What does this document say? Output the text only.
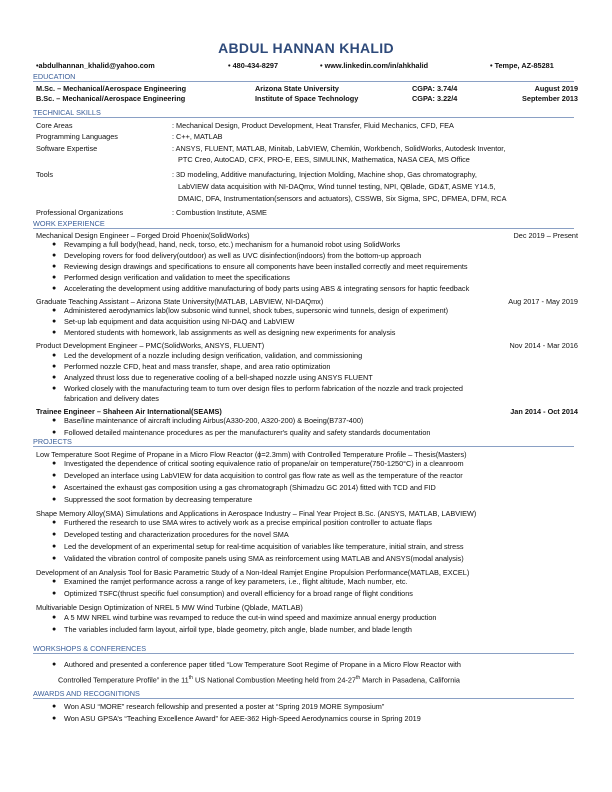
ABDUL HANNAN KHALID
•abdulhannan_khalid@yahoo.com	• 480-434-8297	• www.linkedin.com/in/ahkhalid	• Tempe, AZ-85281
EDUCATION
M.Sc. – Mechanical/Aerospace Engineering	Arizona State University	CGPA: 3.74/4	August 2019
B.Sc. – Mechanical/Aerospace Engineering	Institute of Space Technology	CGPA: 3.22/4	September 2013
TECHNICAL SKILLS
Core Areas	: Mechanical Design, Product Development, Heat Transfer, Fluid Mechanics, CFD, FEA
Programming Languages	: C++, MATLAB
Software Expertise	: ANSYS, FLUENT, MATLAB, Minitab, LabVIEW, Chemkin, Workbench, SolidWorks, Autodesk Inventor,
PTC Creo, AutoCAD, CFX, PRO-E, EES, SIMULINK, Mathematica, NASA CEA, MS Office
Tools	: 3D modeling, Additive manufacturing, Injection Molding, Machine shop, Gas chromatography,
LabVIEW data acquisition with NI-DAQmx, Wind tunnel testing, NPI, QBlade, GD&T, ASME Y14.5,
DMAIC, DFA, Instrumentation(sensors and actuators), CSSWB, Six Sigma, SPC, DFMEA, DFM, RCA
Professional Organizations	: Combustion Institute, ASME
WORK EXPERIENCE
Mechanical Design Engineer – Forged Droid Phoenix(SolidWorks)	Dec 2019 – Present
● Revamping a full body(head, hand, neck, torso, etc.) mechanism for a humanoid robot using SolidWorks
● Developing rovers for food delivery(outdoor) as well as UVC disinfection(indoors) from the bottom-up approach
● Reviewing design drawings and specifications to ensure all components have been installed correctly and meet requirements
● Performed design verification and validation to meet the specifications
● Accelerating the development using additive manufacturing of body parts using ABS & integrating sensors for haptic feedback
Graduate Teaching Assistant – Arizona State University(MATLAB, LABVIEW, NI-DAQmx)	Aug 2017 - May 2019
● Administered aerodynamics lab(low subsonic wind tunnel, shock tubes, supersonic wind tunnels, design of experiment)
● Set-up lab equipment and data acquisition using NI-DAQ and LabVIEW
● Mentored students with homework, lab assignments as well as designing new experiments for analysis
Product Development Engineer – PMC(SolidWorks, ANSYS, FLUENT)	Nov 2014 - Mar 2016
● Led the development of a nozzle including design verification, validation, and commissioning
● Performed nozzle CFD, heat and mass transfer, shape, and area ratio optimization
● Analyzed thrust loss due to regenerative cooling of a bell-shaped nozzle using ANSYS FLUENT
● Worked closely with the manufacturing team to turn over design files to perform fabrication of the nozzle and track projected
fabrication and delivery dates
Trainee Engineer – Shaheen Air International(SEAMS)	Jan 2014 - Oct 2014
● Base/line maintenance of aircraft including Airbus(A330-200, A320-200) & Boeing(B737-400)
● Followed detailed maintenance procedures as per the manufacturer's quality and safety standards documentation
PROJECTS
Low Temperature Soot Regime of Propane in a Micro Flow Reactor (ϕ=2.3mm) with Controlled Temperature Profile – Thesis(Masters)
● Investigated the dependence of critical sooting equivalence ratio of propane/air on temperature(750-1250°C) in a cleanroom
● Developed an interface using LabVIEW for data acquisition to control gas flow rate as well as the temperature of the reactor
● Ascertained the exhaust gas composition using a gas chromatograph (Shimadzu GC 2014) fitted with TCD and FID
● Suppressed the soot formation by decreasing temperature
Shape Memory Alloy(SMA) Simulations and Applications in Aerospace Industry – Final Year Project B.Sc. (ANSYS, MATLAB, LABVIEW)
● Furthered the research to use SMA wires to actively work as a precise empirical position controller to actuate flaps
● Developed testing and characterization procedures for the novel SMA
● Led the development of an experimental setup for real-time acquisition of variables like temperature, initial strain, and stress
● Validated the vibration control of composite panels using SMA as reinforcement using MATLAB and ANSYS(modal analysis)
Development of an Analysis Tool for Basic Parametric Study of a Non-Ideal Ramjet Engine Propulsion Performance(MATLAB, EXCEL)
● Examined the ramjet performance across a range of key parameters, i.e., flight altitude, Mach number, etc.
● Optimized TSFC(thrust specific fuel consumption) and overall efficiency for a broad range of flight conditions
Multivariable Design Optimization of NREL 5 MW Wind Turbine (Qblade, MATLAB)
● A 5 MW NREL wind turbine was revamped to reduce the cut-in wind speed and maximize annual energy production
● The variables included farm layout, airfoil type, blade geometry, pitch angle, blade number, and blade length
WORKSHOPS & CONFERENCES
● Authored and presented a conference paper titled “Low Temperature Soot Regime of Propane in a Micro Flow Reactor with
Controlled Temperature Profile” in the 11th US National Combustion Meeting held from 24-27th March in Pasadena, California
AWARDS AND RECOGNITIONS
● Won ASU “MORE” research fellowship and presented a poster at “Spring 2019 MORE Symposium”
● Won ASU GPSA’s “Teaching Excellence Award” for AEE-362 High-Speed Aerodynamics course in Spring 2019
